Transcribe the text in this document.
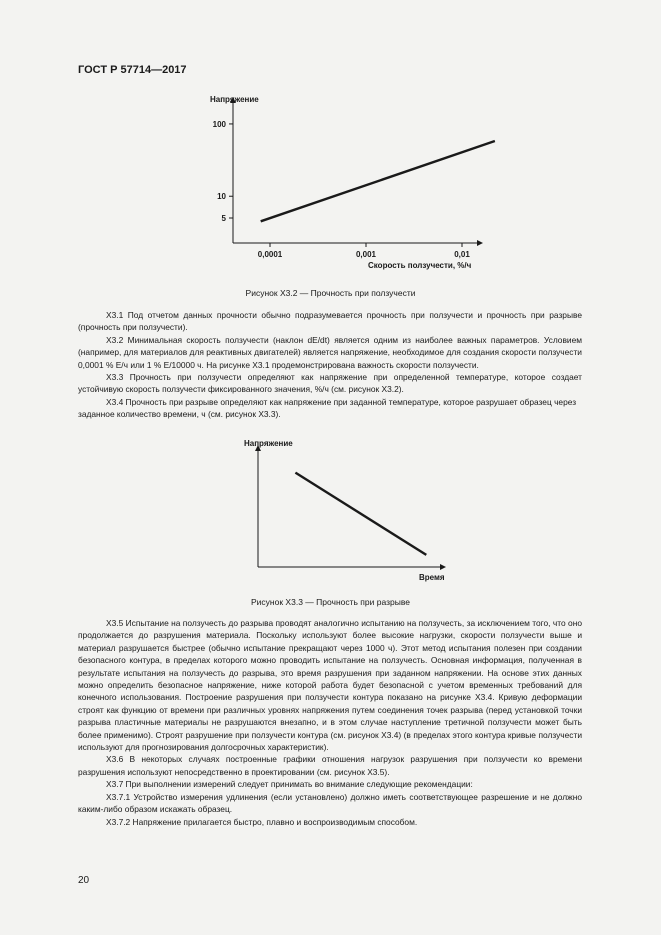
ГОСТ Р 57714—2017
Напряжение
Скорость ползучести, %/ч
5
10
100
0,0001	0,001	0,01
Рисунок Х3.2 — Прочность при ползучести

Х3.1 Под отчетом данных прочности обычно подразумевается прочность при ползучести и прочность при разрыве (прочность при ползучести).

Х3.2 Минимальная скорость ползучести (наклон dE/dt) является одним из наиболее важных параметров. Условием (например, для материалов для реактивных двигателей) является напряжение, необходимое для создания скорости ползучести 0,0001 % E/ч или 1 % E/10000 ч. На рисунке Х3.1 продемонстрирована важность скорости ползучести.

Х3.3 Прочность при ползучести определяют как напряжение при определенной температуре, которое создает устойчивую скорость ползучести фиксированного значения, %/ч (см. рисунок Х3.2).

Х3.4 Прочность при разрыве определяют как напряжение при заданной температуре, которое разрушает образец через заданное количество времени, ч (см. рисунок Х3.3).

Напряжение
Время
Рисунок Х3.3 — Прочность при разрыве

Х3.5 Испытание на ползучесть до разрыва проводят аналогично испытанию на ползучесть, за исключением того, что оно продолжается до разрушения материала. Поскольку используют более высокие нагрузки, скорости ползучести выше и материал разрушается быстрее (обычно испытание прекращают через 1000 ч). Этот метод испытания полезен при создании безопасного контура, в пределах которого можно проводить испытание на ползучесть. Основная информация, полученная в результате испытания на ползучесть до разрыва, это время разрушения при заданном напряжении. На основе этих данных можно определить безопасное напряжение, ниже которой работа будет безопасной с учетом временных требований для конечного использования. Построение разрушения при ползучести контура показано на рисунке Х3.4. Кривую деформации строят как функцию от времени при различных уровнях напряжения путем соединения точек разрыва (перед установкой точки разрыва пластичные материалы не разрушаются внезапно, и в этом случае наступление третичной ползучести может быть более применимо). Строят разрушение при ползучести контура (см. рисунок Х3.4) (в пределах этого контура кривые ползучести используют для прогнозирования долгосрочных характеристик).

Х3.6 В некоторых случаях построенные графики отношения нагрузок разрушения при ползучести ко времени разрушения используют непосредственно в проектировании (см. рисунок Х3.5).

Х3.7 При выполнении измерений следует принимать во внимание следующие рекомендации:

Х3.7.1 Устройство измерения удлинения (если установлено) должно иметь соответствующее разрешение и не должно каким-либо образом искажать образец.

Х3.7.2 Напряжение прилагается быстро, плавно и воспроизводимым способом.

20
